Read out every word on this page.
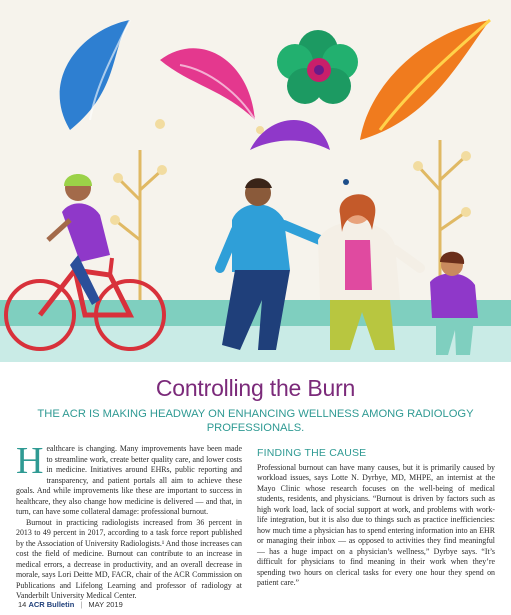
Controlling the Burn
THE ACR IS MAKING HEADWAY ON ENHANCING WELLNESS AMONG RADIOLOGY PROFESSIONALS.

Healthcare is changing. Many improvements have been made to streamline work, create better quality care, and lower costs in medicine. Initiatives around EHRs, public reporting and transparency, and patient portals all aim to achieve these goals. And while improvements like these are important to success in healthcare, they also change how medicine is delivered — and that, in turn, can have some collateral damage: professional burnout.

Burnout in practicing radiologists increased from 36 percent in 2013 to 49 percent in 2017, according to a task force report published by the Association of University Radiologists.¹ And those increases can cost the field of medicine. Burnout can contribute to an increase in medical errors, a decrease in productivity, and an overall decrease in morale, says Lori Deitte MD, FACR, chair of the ACR Commission on Publications and Lifelong Learning and professor of radiology at Vanderbilt University Medical Center.

FINDING THE CAUSE

Professional burnout can have many causes, but it is primarily caused by workload issues, says Lotte N. Dyrbye, MD, MHPE, an internist at the Mayo Clinic whose research focuses on the well-being of medical students, residents, and physicians. “Burnout is driven by factors such as high work load, lack of social support at work, and problems with work-life integration, but it is also due to things such as practice inefficiencies: how much time a physician has to spend entering information into an EHR or managing their inbox — as opposed to activities they find meaningful — has a huge impact on a physician’s wellness,” Dyrbye says. “It’s difficult for physicians to find meaning in their work when they’re spending two hours on clerical tasks for every one hour they spend on patient care.”

14 ACR Bulletin | MAY 2019
